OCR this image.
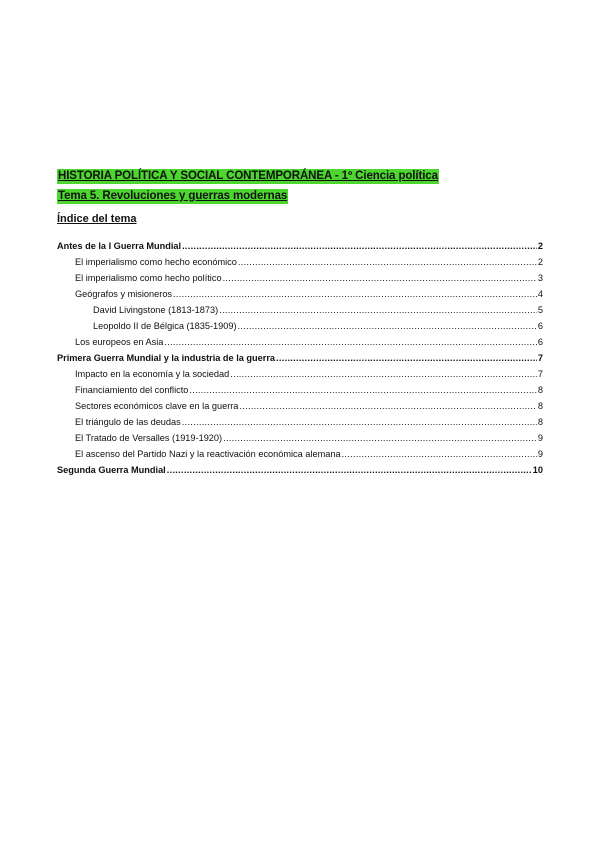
HISTORIA POLÍTICA Y SOCIAL CONTEMPORÁNEA - 1º Ciencia política
Tema 5. Revoluciones y guerras modernas
Índice del tema
Antes de la I Guerra Mundial .....	2
El imperialismo como hecho económico .....	2
El imperialismo como hecho político .....	3
Geógrafos y misioneros .....	4
David Livingstone (1813-1873) .....	5
Leopoldo II de Bélgica (1835-1909) .....	6
Los europeos en Asia .....	6
Primera Guerra Mundial y la industria de la guerra .....	7
Impacto en la economía y la sociedad .....	7
Financiamiento del conflicto .....	8
Sectores económicos clave en la guerra .....	8
El triángulo de las deudas .....	8
El Tratado de Versalles (1919-1920) .....	9
El ascenso del Partido Nazi y la reactivación económica alemana .....	9
Segunda Guerra Mundial .....	10
